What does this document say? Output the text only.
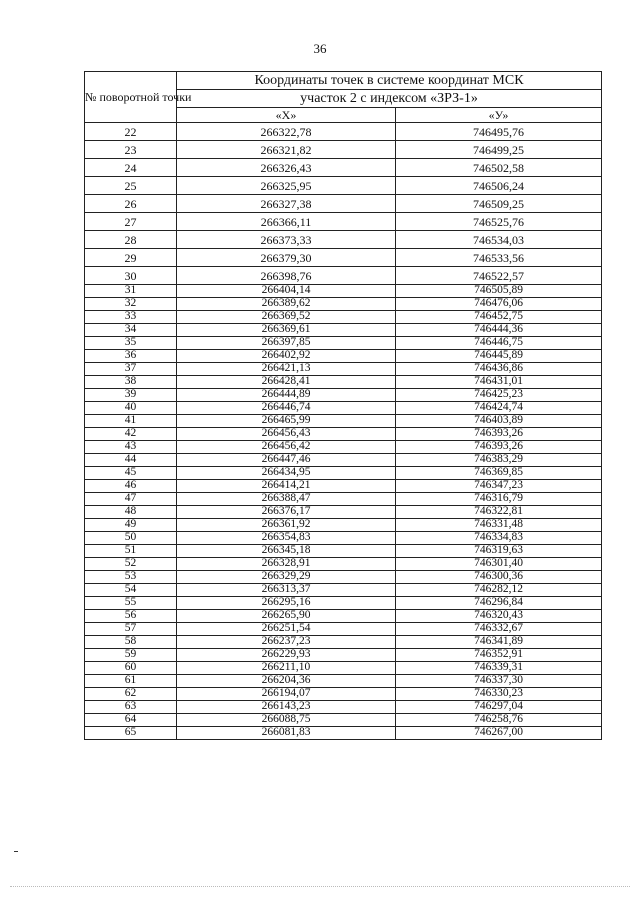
36
№ поворотной точки	Координаты точек в системе координат МСК	
	участок 2 с индексом «ЗРЗ-1»	
	«X»	«У»
22	266322,78	746495,76
23	266321,82	746499,25
24	266326,43	746502,58
25	266325,95	746506,24
26	266327,38	746509,25
27	266366,11	746525,76
28	266373,33	746534,03
29	266379,30	746533,56
30	266398,76	746522,57
31	266404,14	746505,89
32	266389,62	746476,06
33	266369,52	746452,75
34	266369,61	746444,36
35	266397,85	746446,75
36	266402,92	746445,89
37	266421,13	746436,86
38	266428,41	746431,01
39	266444,89	746425,23
40	266446,74	746424,74
41	266465,99	746403,89
42	266456,43	746393,26
43	266456,42	746393,26
44	266447,46	746383,29
45	266434,95	746369,85
46	266414,21	746347,23
47	266388,47	746316,79
48	266376,17	746322,81
49	266361,92	746331,48
50	266354,83	746334,83
51	266345,18	746319,63
52	266328,91	746301,40
53	266329,29	746300,36
54	266313,37	746282,12
55	266295,16	746296,84
56	266265,90	746320,43
57	266251,54	746332,67
58	266237,23	746341,89
59	266229,93	746352,91
60	266211,10	746339,31
61	266204,36	746337,30
62	266194,07	746330,23
63	266143,23	746297,04
64	266088,75	746258,76
65	266081,83	746267,00
